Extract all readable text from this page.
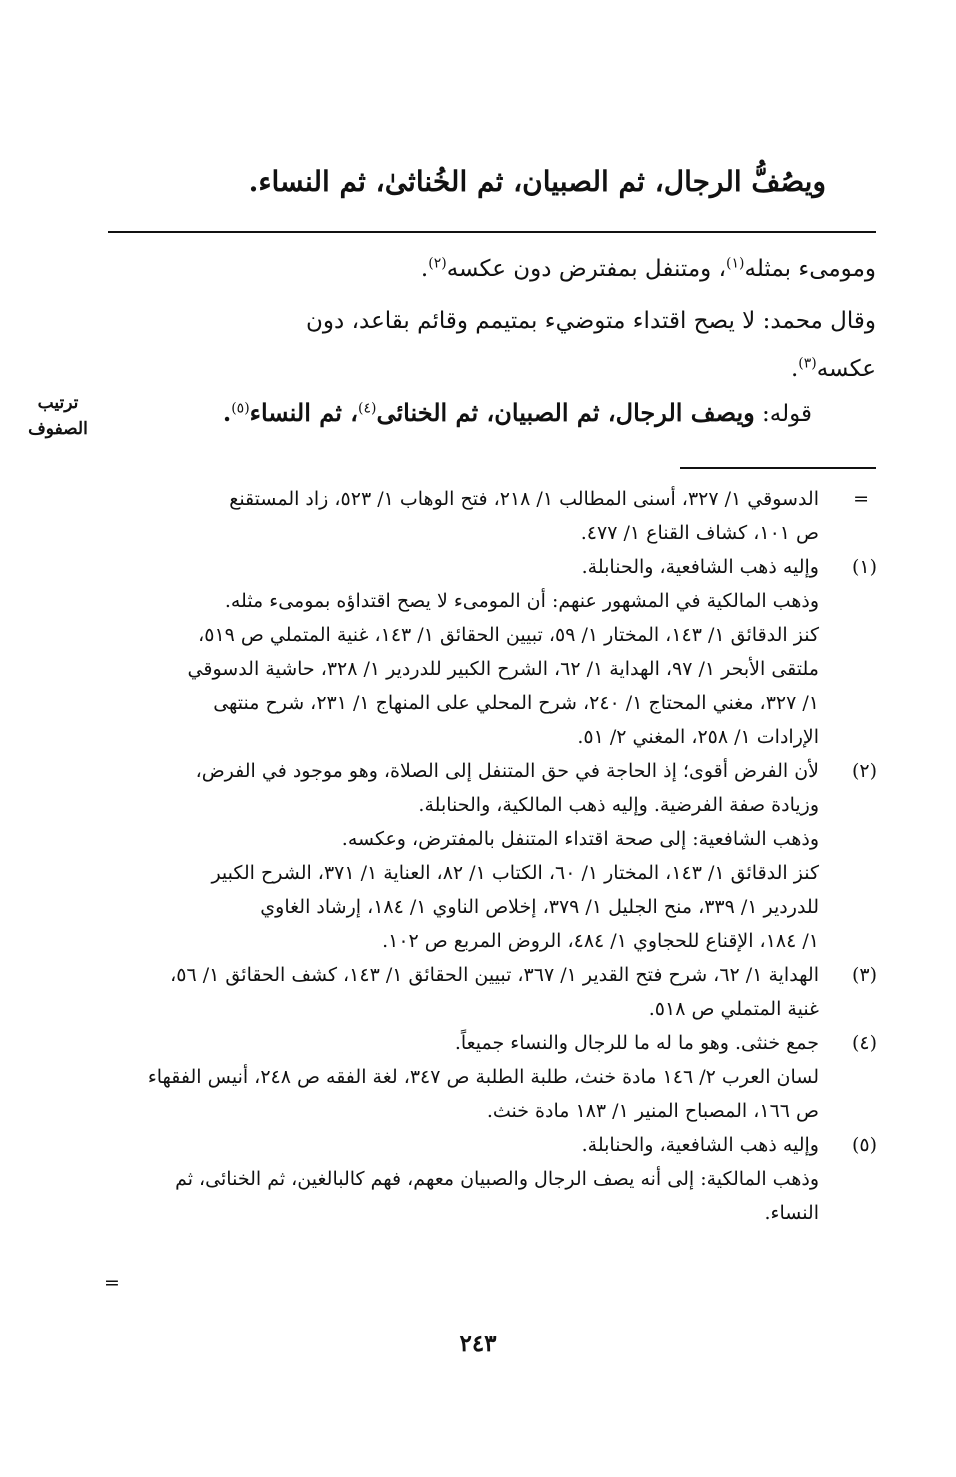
ويصُفُّ الرجال، ثم الصبيان، ثم الخُناثىٰ، ثم النساء.
ومومىء بمثله$^{(١)}$، ومتنفل بمفترض دون عكسه$^{(٢)}$.
وقال محمد: لا يصح اقتداء متوضيء بمتيمم وقائم بقاعد، دون
عكسه$^{(٣)}$.
قوله: ويصف الرجال، ثم الصبيان، ثم الخنائى$^{(٤)}$، ثم النساء$^{(٥)}$.
ترتيب
الصفوف
=
الدسوقي ١/ ٣٢٧، أسنى المطالب ١/ ٢١٨، فتح الوهاب ١/ ٥٢٣، زاد المستقنع
ص ١٠١، كشاف القناع ١/ ٤٧٧.
(١)
وإليه ذهب الشافعية، والحنابلة.
وذهب المالكية في المشهور عنهم: أن المومىء لا يصح اقتداؤه بمومىء مثله.
كنز الدقائق ١/ ١٤٣، المختار ١/ ٥٩، تبيين الحقائق ١/ ١٤٣، غنية المتملي ص ٥١٩،
ملتقى الأبحر ١/ ٩٧، الهداية ١/ ٦٢، الشرح الكبير للدردير ١/ ٣٢٨، حاشية الدسوقي
١/ ٣٢٧، مغني المحتاج ١/ ٢٤٠، شرح المحلي على المنهاج ١/ ٢٣١، شرح منتهى
الإرادات ١/ ٢٥٨، المغني ٢/ ٥١.
(٢)
لأن الفرض أقوى؛ إذ الحاجة في حق المتنفل إلى الصلاة، وهو موجود في الفرض،
وزيادة صفة الفرضية. وإليه ذهب المالكية، والحنابلة.
وذهب الشافعية: إلى صحة اقتداء المتنفل بالمفترض، وعكسه.
كنز الدقائق ١/ ١٤٣، المختار ١/ ٦٠، الكتاب ١/ ٨٢، العناية ١/ ٣٧١، الشرح الكبير
للدردير ١/ ٣٣٩، منح الجليل ١/ ٣٧٩، إخلاص الناوي ١/ ١٨٤، إرشاد الغاوي
١/ ١٨٤، الإقناع للحجاوي ١/ ٤٨٤، الروض المربع ص ١٠٢.
(٣)
الهداية ١/ ٦٢، شرح فتح القدير ١/ ٣٦٧، تبيين الحقائق ١/ ١٤٣، كشف الحقائق ١/ ٥٦،
غنية المتملي ص ٥١٨.
(٤)
جمع خنثى. وهو ما له ما للرجال والنساء جميعاً.
لسان العرب ٢/ ١٤٦ مادة خنث، طلبة الطلبة ص ٣٤٧، لغة الفقه ص ٢٤٨، أنيس الفقهاء
ص ١٦٦، المصباح المنير ١/ ١٨٣ مادة خنث.
(٥)
وإليه ذهب الشافعية، والحنابلة.
وذهب المالكية: إلى أنه يصف الرجال والصبيان معهم، فهم كالبالغين، ثم الخنائى، ثم
النساء.
=
٢٤٣
